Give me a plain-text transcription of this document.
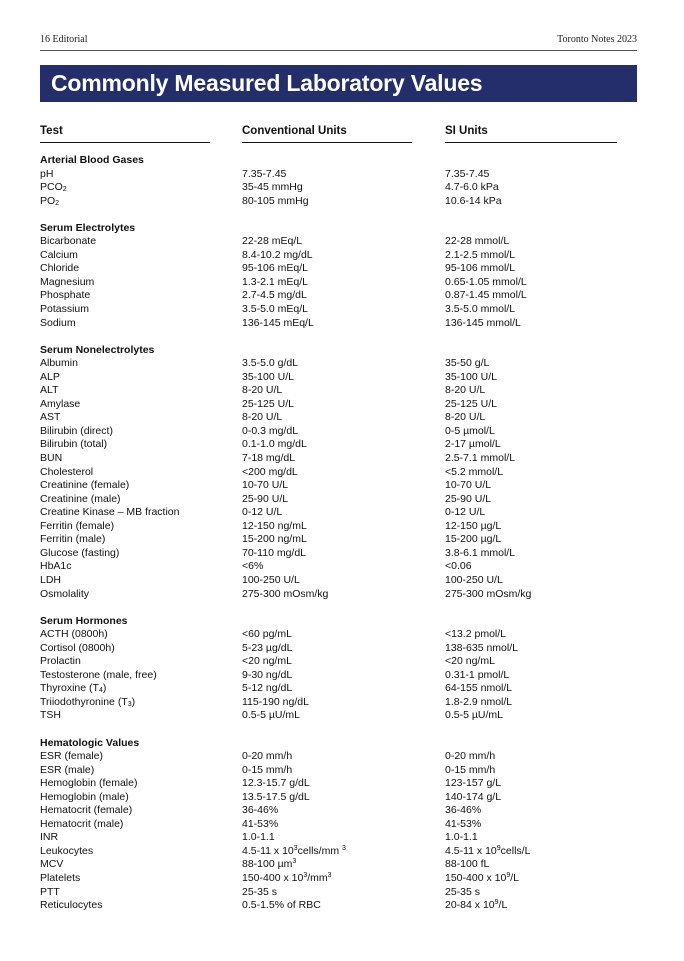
16 Editorial	Toronto Notes 2023
Commonly Measured Laboratory Values
Test	Conventional Units	SI Units
Arterial Blood Gases
pH	7.35-7.45	7.35-7.45
$PCO_2$	35-45 mmHg	4.7-6.0 kPa
$PO_2$	80-105 mmHg	10.6-14 kPa
Serum Electrolytes
Bicarbonate	22-28 mEq/L	22-28 mmol/L
Calcium	8.4-10.2 mg/dL	2.1-2.5 mmol/L
Chloride	95-106 mEq/L	95-106 mmol/L
Magnesium	1.3-2.1 mEq/L	0.65-1.05 mmol/L
Phosphate	2.7-4.5 mg/dL	0.87-1.45 mmol/L
Potassium	3.5-5.0 mEq/L	3.5-5.0 mmol/L
Sodium	136-145 mEq/L	136-145 mmol/L
Serum Nonelectrolytes
Albumin	3.5-5.0 g/dL	35-50 g/L
ALP	35-100 U/L	35-100 U/L
ALT	8-20 U/L	8-20 U/L
Amylase	25-125 U/L	25-125 U/L
AST	8-20 U/L	8-20 U/L
Bilirubin (direct)	0-0.3 mg/dL	0-5 µmol/L
Bilirubin (total)	0.1-1.0 mg/dL	2-17 µmol/L
BUN	7-18 mg/dL	2.5-7.1 mmol/L
Cholesterol	<200 mg/dL	<5.2 mmol/L
Creatinine (female)	10-70 U/L	10-70 U/L
Creatinine (male)	25-90 U/L	25-90 U/L
Creatine Kinase – MB fraction	0-12 U/L	0-12 U/L
Ferritin (female)	12-150 ng/mL	12-150 µg/L
Ferritin (male)	15-200 ng/mL	15-200 µg/L
Glucose (fasting)	70-110 mg/dL	3.8-6.1 mmol/L
HbA1c	<6%	<0.06
LDH	100-250 U/L	100-250 U/L
Osmolality	275-300 mOsm/kg	275-300 mOsm/kg
Serum Hormones
ACTH (0800h)	<60 pg/mL	<13.2 pmol/L
Cortisol (0800h)	5-23 µg/dL	138-635 nmol/L
Prolactin	<20 ng/mL	<20 ng/mL
Testosterone (male, free)	9-30 ng/dL	0.31-1 pmol/L
Thyroxine $(T_4)$	5-12 ng/dL	64-155 nmol/L
Triiodothyronine $(T_3)$	115-190 ng/dL	1.8-2.9 nmol/L
TSH	0.5-5 µU/mL	0.5-5 µU/mL
Hematologic Values
ESR (female)	0-20 mm/h	0-20 mm/h
ESR (male)	0-15 mm/h	0-15 mm/h
Hemoglobin (female)	12.3-15.7 g/dL	123-157 g/L
Hemoglobin (male)	13.5-17.5 g/dL	140-174 g/L
Hematocrit (female)	36-46%	36-46%
Hematocrit (male)	41-53%	41-53%
INR	1.0-1.1	1.0-1.1
Leukocytes	4.5-11 x $10^3cells/mm$ $^3$	4.5-11 x $10^9cells/L$
MCV	88-100 µm$^3$	88-100 fL
Platelets	150-400 x $10^3/mm^3$	150-400 x $10^9/L$
PTT	25-35 s	25-35 s
Reticulocytes	0.5-1.5% of RBC	20-84 x $10^9/L$
